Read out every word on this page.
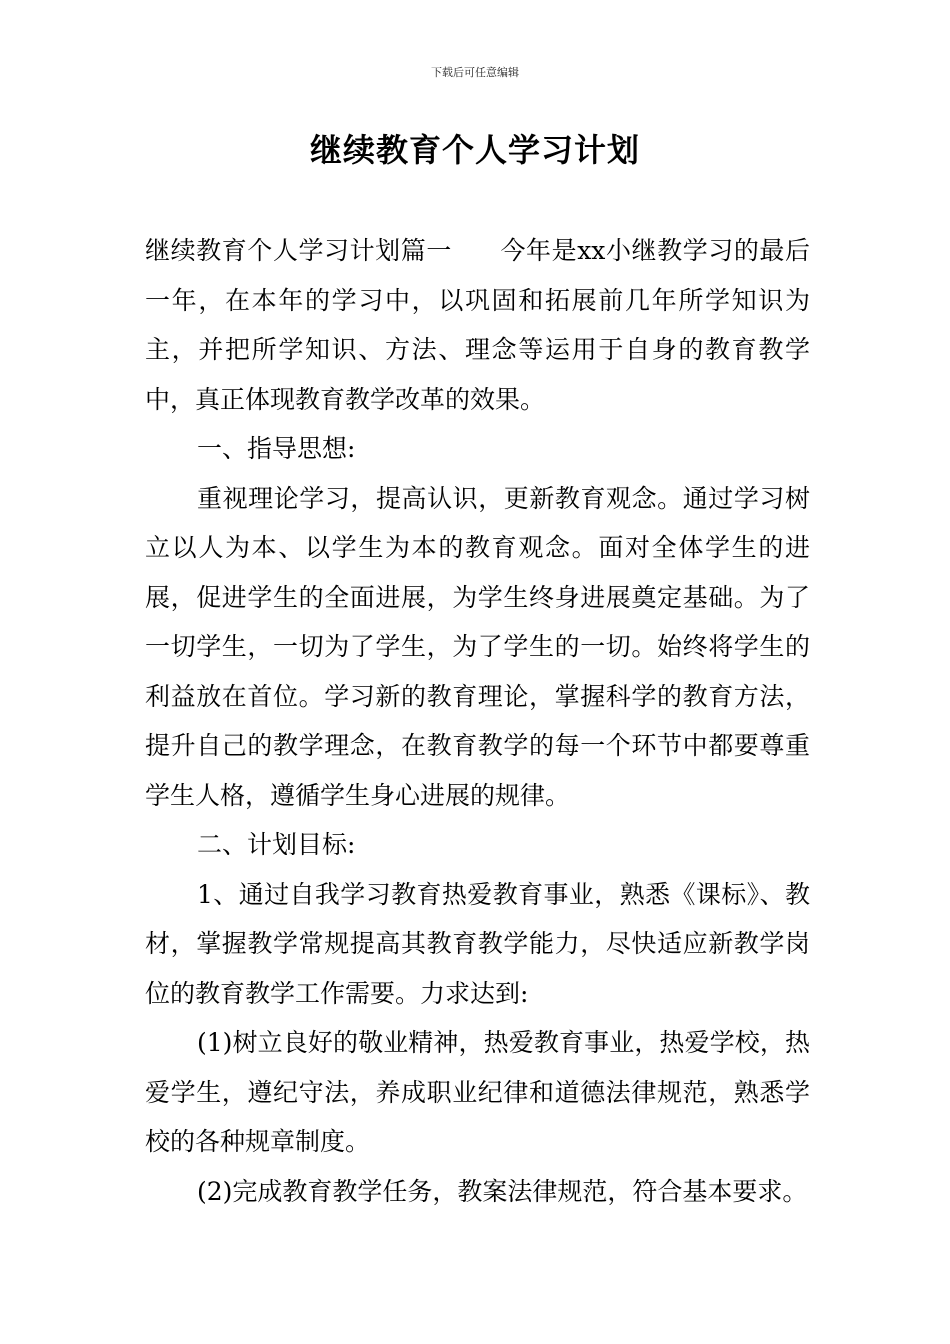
下载后可任意编辑
继续教育个人学习计划

继续教育个人学习计划篇一 今年是xx小继教学习的最后一年，在本年的学习中，以巩固和拓展前几年所学知识为主，并把所学知识、方法、理念等运用于自身的教育教学中，真正体现教育教学改革的效果。

一、指导思想:

重视理论学习，提高认识，更新教育观念。通过学习树立以人为本、以学生为本的教育观念。面对全体学生的进展，促进学生的全面进展，为学生终身进展奠定基础。为了一切学生，一切为了学生，为了学生的一切。始终将学生的利益放在首位。学习新的教育理论，掌握科学的教育方法，提升自己的教学理念，在教育教学的每一个环节中都要尊重学生人格，遵循学生身心进展的规律。

二、计划目标:

1、通过自我学习教育热爱教育事业，熟悉《课标》、教材，掌握教学常规提高其教育教学能力，尽快适应新教学岗位的教育教学工作需要。力求达到:

(1)树立良好的敬业精神，热爱教育事业，热爱学校，热爱学生，遵纪守法，养成职业纪律和道德法律规范，熟悉学校的各种规章制度。

(2)完成教育教学任务，教案法律规范，符合基本要求。
